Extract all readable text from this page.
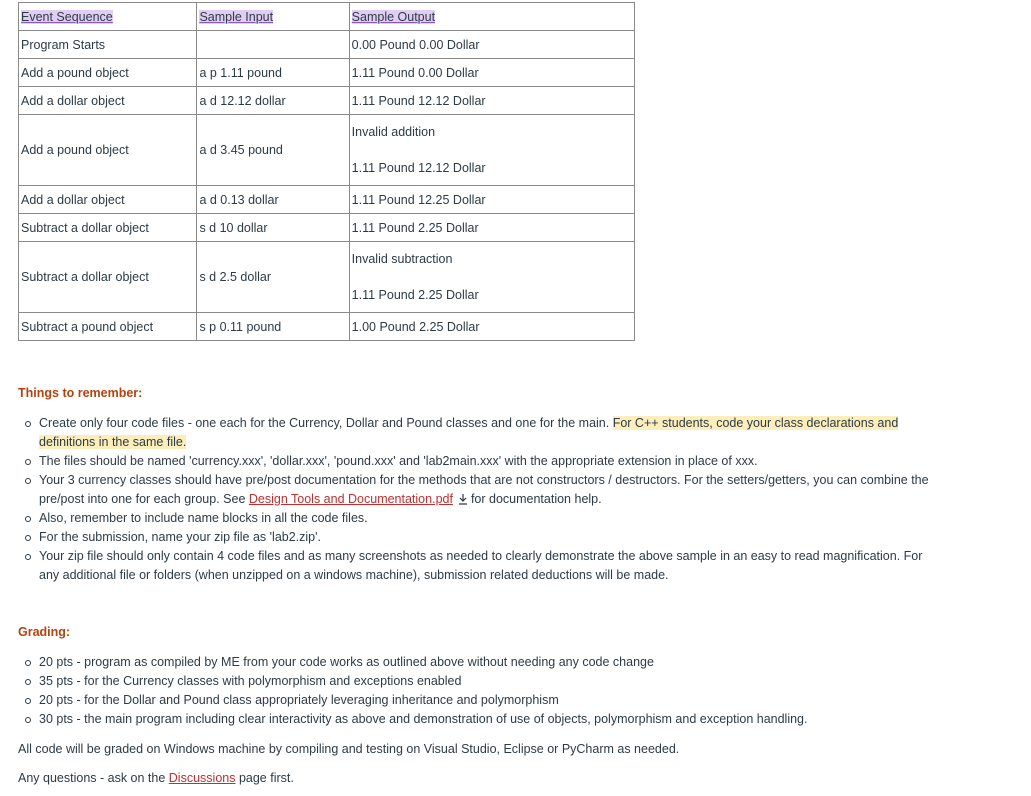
Event Sequence	Sample Input	Sample Output
Program Starts		0.00 Pound 0.00 Dollar
Add a pound object	a p 1.11 pound	1.11 Pound 0.00 Dollar
Add a dollar object	a d 12.12 dollar	1.11 Pound 12.12 Dollar
Add a pound object	a d 3.45 pound	Invalid addition
1.11 Pound 12.12 Dollar

Add a dollar object	a d 0.13 dollar	1.11 Pound 12.25 Dollar
Subtract a dollar object	s d 10 dollar	1.11 Pound 2.25 Dollar
Subtract a dollar object	s d 2.5 dollar	Invalid subtraction
1.11 Pound 2.25 Dollar

Subtract a pound object	s p 0.11 pound	1.00 Pound 2.25 Dollar
Things to remember:
Create only four code files - one each for the Currency, Dollar and Pound classes and one for the main. For C++ students, code your class declarations and definitions in the same file.
The files should be named 'currency.xxx', 'dollar.xxx', 'pound.xxx' and 'lab2main.xxx' with the appropriate extension in place of xxx.
Your 3 currency classes should have pre/post documentation for the methods that are not constructors / destructors. For the setters/getters, you can combine the pre/post into one for each group. See Design Tools and Documentation.pdf for documentation help.
Also, remember to include name blocks in all the code files.
For the submission, name your zip file as 'lab2.zip'.
Your zip file should only contain 4 code files and as many screenshots as needed to clearly demonstrate the above sample in an easy to read magnification. For any additional file or folders (when unzipped on a windows machine), submission related deductions will be made.
Grading:
20 pts - program as compiled by ME from your code works as outlined above without needing any code change
35 pts - for the Currency classes with polymorphism and exceptions enabled
20 pts - for the Dollar and Pound class appropriately leveraging inheritance and polymorphism
30 pts - the main program including clear interactivity as above and demonstration of use of objects, polymorphism and exception handling.
All code will be graded on Windows machine by compiling and testing on Visual Studio, Eclipse or PyCharm as needed.
Any questions - ask on the Discussions page first.
